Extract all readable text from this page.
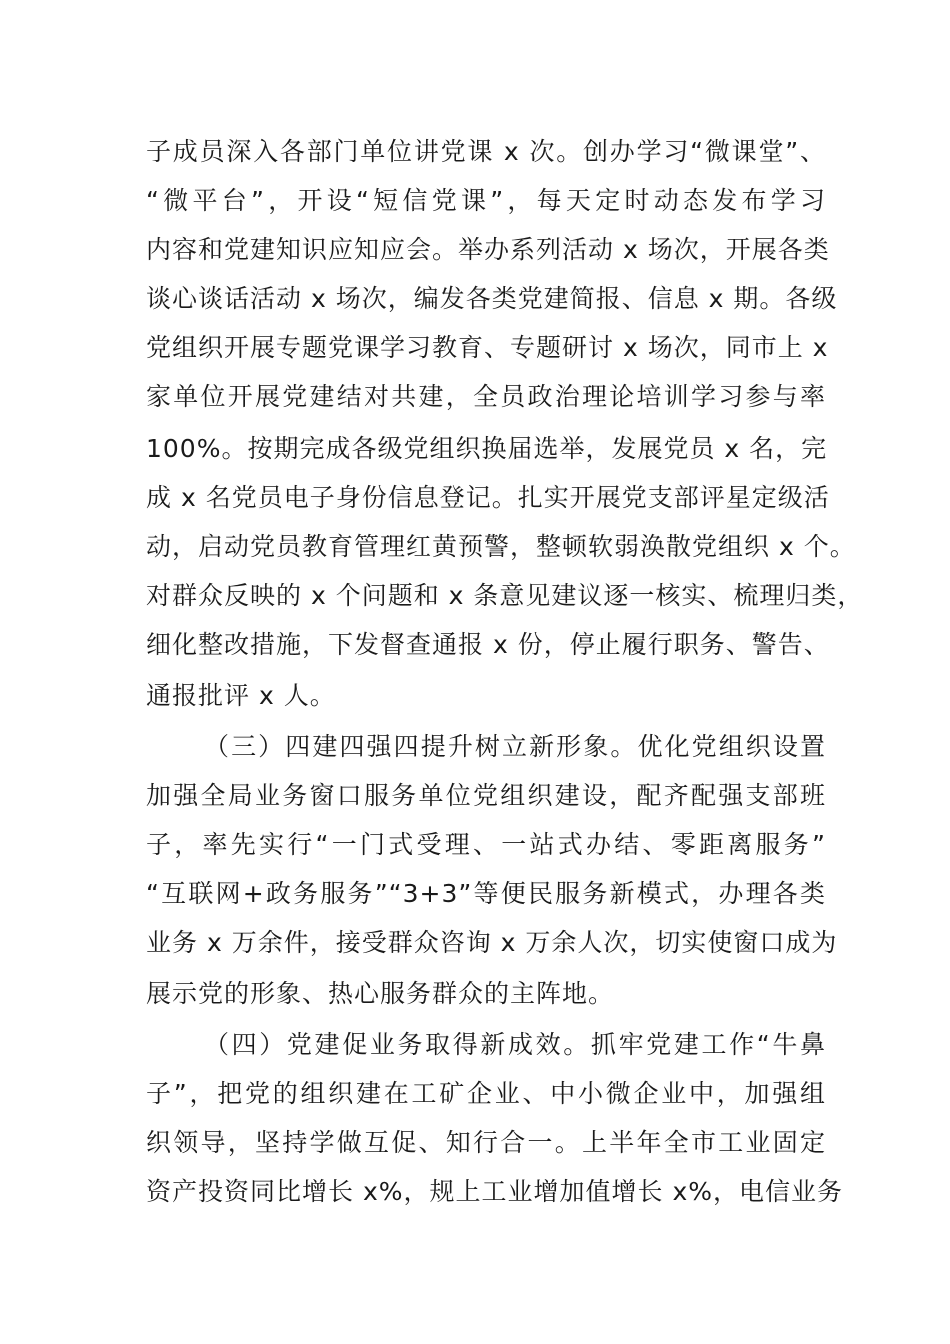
子成员深入各部门单位讲党课 x 次。创办学习“微课堂”、
“微平台”，开设“短信党课”，每天定时动态发布学习
内容和党建知识应知应会。举办系列活动 x 场次，开展各类
谈心谈话活动 x 场次，编发各类党建简报、信息 x 期。各级
党组织开展专题党课学习教育、专题研讨 x 场次，同市上 x
家单位开展党建结对共建，全员政治理论培训学习参与率
100%。按期完成各级党组织换届选举，发展党员 x 名，完
成 x 名党员电子身份信息登记。扎实开展党支部评星定级活
动，启动党员教育管理红黄预警，整顿软弱涣散党组织 x 个。
对群众反映的 x 个问题和 x 条意见建议逐一核实、梳理归类，
细化整改措施，下发督查通报 x 份，停止履行职务、警告、
通报批评 x 人。
（三）四建四强四提升树立新形象。优化党组织设置
加强全局业务窗口服务单位党组织建设，配齐配强支部班
子，率先实行“一门式受理、一站式办结、零距离服务”
“互联网+政务服务”“3+3”等便民服务新模式，办理各类
业务 x 万余件，接受群众咨询 x 万余人次，切实使窗口成为
展示党的形象、热心服务群众的主阵地。
（四）党建促业务取得新成效。抓牢党建工作“牛鼻
子”，把党的组织建在工矿企业、中小微企业中，加强组
织领导，坚持学做互促、知行合一。上半年全市工业固定
资产投资同比增长 x%，规上工业增加值增长 x%，电信业务
